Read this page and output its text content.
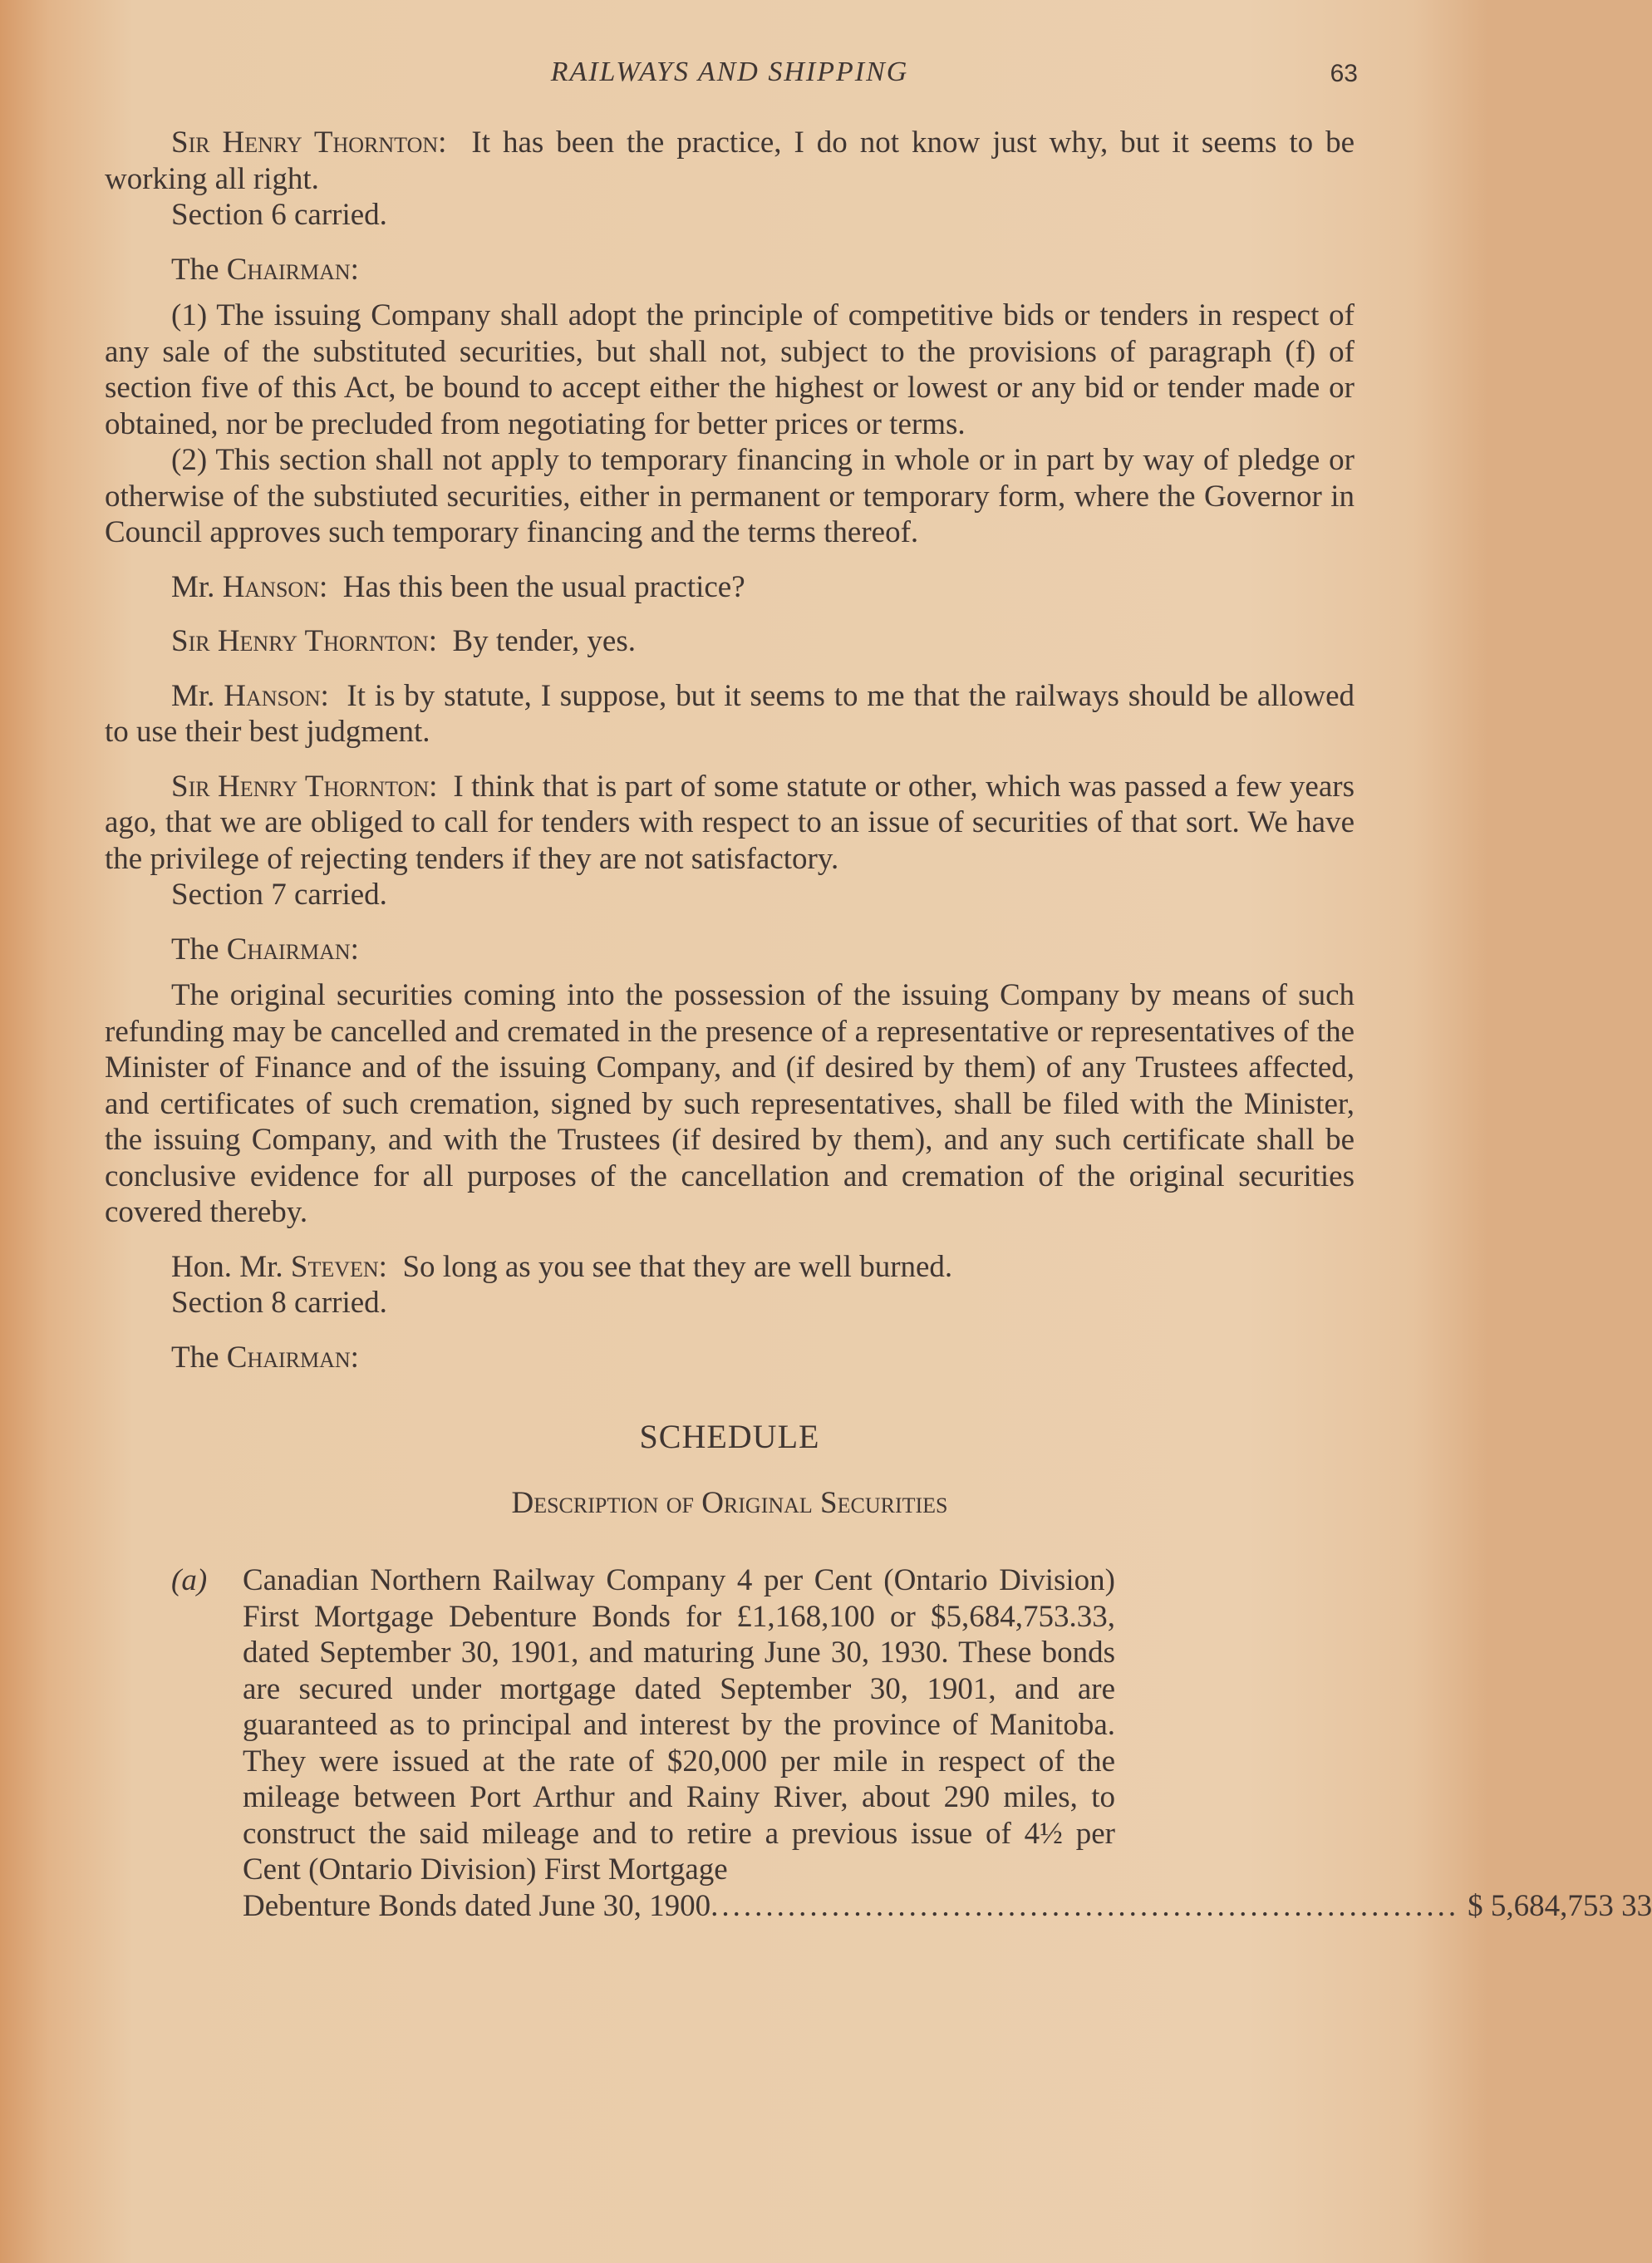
RAILWAYS AND SHIPPING	63

Sir Henry Thornton: It has been the practice, I do not know just why, but it seems to be working all right.

Section 6 carried.

The Chairman:

(1) The issuing Company shall adopt the principle of competitive bids or tenders in respect of any sale of the substituted securities, but shall not, subject to the provisions of paragraph (f) of section five of this Act, be bound to accept either the highest or lowest or any bid or tender made or obtained, nor be precluded from negotiating for better prices or terms.

(2) This section shall not apply to temporary financing in whole or in part by way of pledge or otherwise of the substiuted securities, either in permanent or temporary form, where the Governor in Council approves such temporary financing and the terms thereof.

Mr. Hanson: Has this been the usual practice?

Sir Henry Thornton: By tender, yes.

Mr. Hanson: It is by statute, I suppose, but it seems to me that the railways should be allowed to use their best judgment.

Sir Henry Thornton: I think that is part of some statute or other, which was passed a few years ago, that we are obliged to call for tenders with respect to an issue of securities of that sort. We have the privilege of rejecting tenders if they are not satisfactory.

Section 7 carried.

The Chairman:

The original securities coming into the possession of the issuing Company by means of such refunding may be cancelled and cremated in the presence of a representative or representatives of the Minister of Finance and of the issuing Company, and (if desired by them) of any Trustees affected, and certificates of such cremation, signed by such representatives, shall be filed with the Minister, the issuing Company, and with the Trustees (if desired by them), and any such certificate shall be conclusive evidence for all purposes of the cancellation and cremation of the original securities covered thereby.

Hon. Mr. Steven: So long as you see that they are well burned.

Section 8 carried.

The Chairman:

SCHEDULE

Description of Original Securities

(a) Canadian Northern Railway Company 4 per Cent (Ontario Division) First Mortgage Debenture Bonds for £1,168,100 or $5,684,753.33, dated September 30, 1901, and maturing June 30, 1930. These bonds are secured under mortgage dated September 30, 1901, and are guaranteed as to principal and interest by the province of Manitoba. They were issued at the rate of $20,000 per mile in respect of the mileage between Port Arthur and Rainy River, about 290 miles, to construct the said mileage and to retire a previous issue of 4½ per Cent (Ontario Division) First Mortgage

Debenture Bonds dated June 30, 1900 .................................................................... $ 5,684,753 33
